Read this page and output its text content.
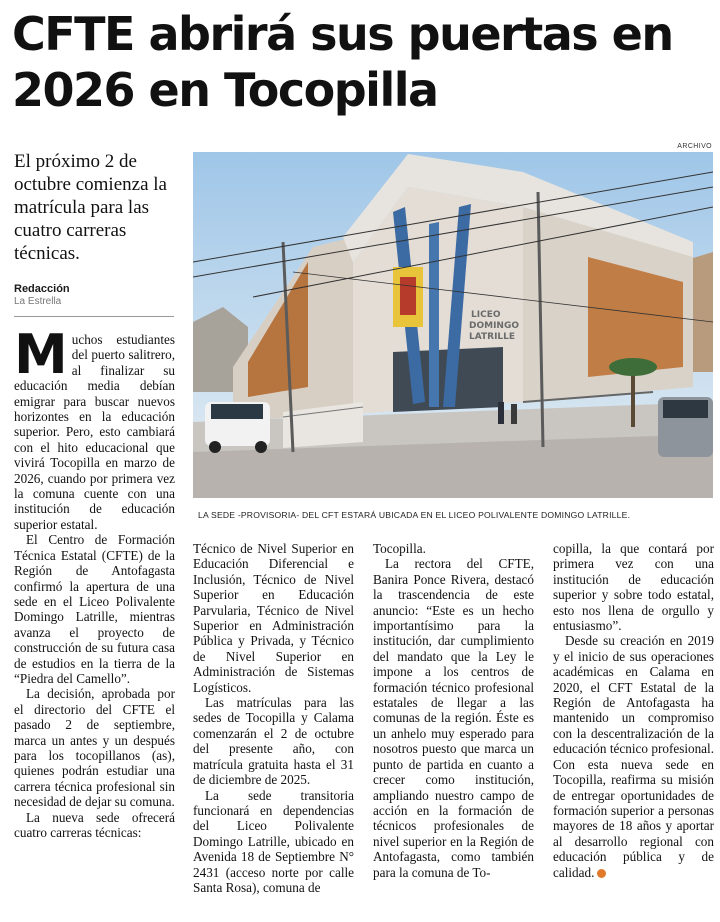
CFTE abrirá sus puertas en
2026 en Tocopilla
ARCHIVO
El próximo 2 de octubre comienza la matrícula para las cuatro carreras técnicas.
Redacción
La Estrella
LICEO
DOMINGO
LATRILLE
LA SEDE -PROVISORIA- DEL CFT ESTARÁ UBICADA EN EL LICEO POLIVALENTE DOMINGO LATRILLE.

Muchos estudiantes del puerto salitrero, al finalizar su educación media debían emigrar para buscar nuevos horizontes en la educación superior. Pero, esto cambiará con el hito educacional que vivirá Tocopilla en marzo de 2026, cuando por primera vez la comuna cuente con una institución de educación superior estatal.

El Centro de Formación Técnica Estatal (CFTE) de la Región de Antofagasta confirmó la apertura de una sede en el Liceo Polivalente Domingo Latrille, mientras avanza el proyecto de construcción de su futura casa de estudios en la tierra de la “Piedra del Camello”.

La decisión, aprobada por el directorio del CFTE el pasado 2 de septiembre, marca un antes y un después para los tocopillanos (as), quienes podrán estudiar una carrera técnica profesional sin necesidad de dejar su comuna.

La nueva sede ofrecerá cuatro carreras técnicas:

Técnico de Nivel Superior en Educación Diferencial e Inclusión, Técnico de Nivel Superior en Educación Parvularia, Técnico de Nivel Superior en Administración Pública y Privada, y Técnico de Nivel Superior en Administración de Sistemas Logísticos.

Las matrículas para las sedes de Tocopilla y Calama comenzarán el 2 de octubre del presente año, con matrícula gratuita hasta el 31 de diciembre de 2025.

La sede transitoria funcionará en dependencias del Liceo Polivalente Domingo Latrille, ubicado en Avenida 18 de Septiembre N° 2431 (acceso norte por calle Santa Rosa), comuna de

Tocopilla.

La rectora del CFTE, Banira Ponce Rivera, destacó la trascendencia de este anuncio: “Este es un hecho importantísimo para la institución, dar cumplimiento del mandato que la Ley le impone a los centros de formación técnico profesional estatales de llegar a las comunas de la región. Éste es un anhelo muy esperado para nosotros puesto que marca un punto de partida en cuanto a crecer como institución, ampliando nuestro campo de acción en la formación de técnicos profesionales de nivel superior en la Región de Antofagasta, como también para la comuna de To-

copilla, la que contará por primera vez con una institución de educación superior y sobre todo estatal, esto nos llena de orgullo y entusiasmo”.

Desde su creación en 2019 y el inicio de sus operaciones académicas en Calama en 2020, el CFT Estatal de la Región de Antofagasta ha mantenido un compromiso con la descentralización de la educación técnico profesional. Con esta nueva sede en Tocopilla, reafirma su misión de entregar oportunidades de formación superior a personas mayores de 18 años y aportar al desarrollo regional con educación pública y de calidad.
